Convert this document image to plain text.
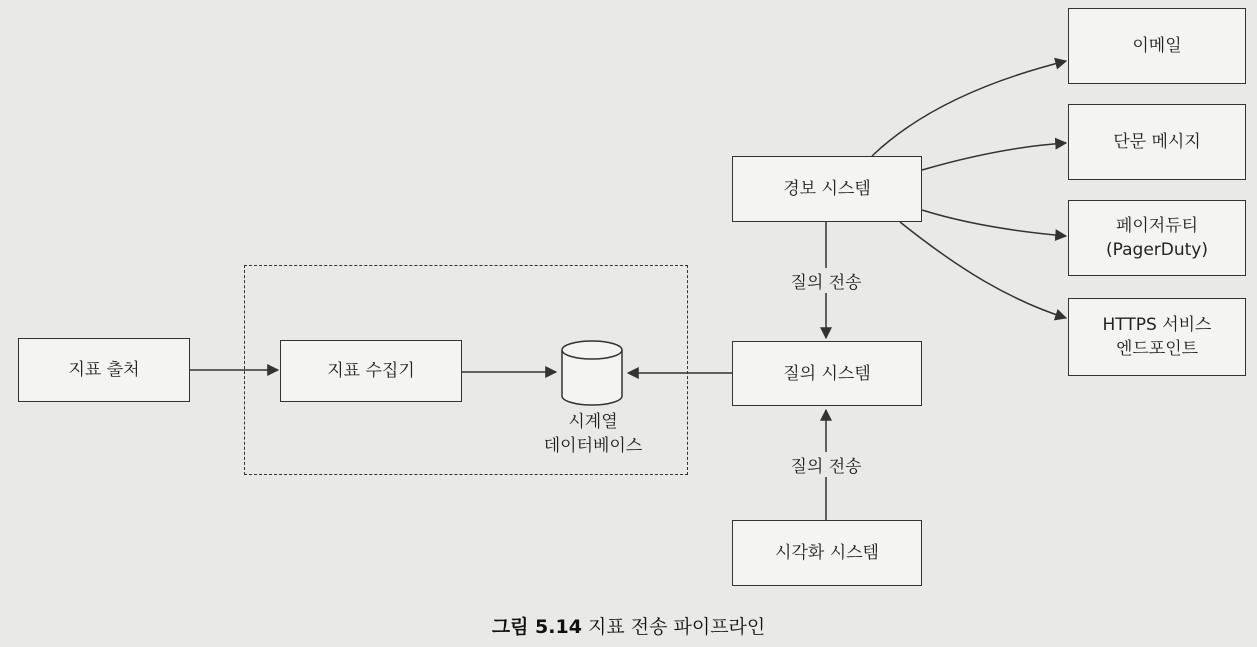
지표 출처	지표 수집기
시계열
데이터베이스
질의 시스템
경보 시스템
시각화 시스템
이메일
단문 메시지
페이저듀티
(PagerDuty)
HTTPS 서비스
엔드포인트
질의 전송
질의 전송
그림 5.14 지표 전송 파이프라인
